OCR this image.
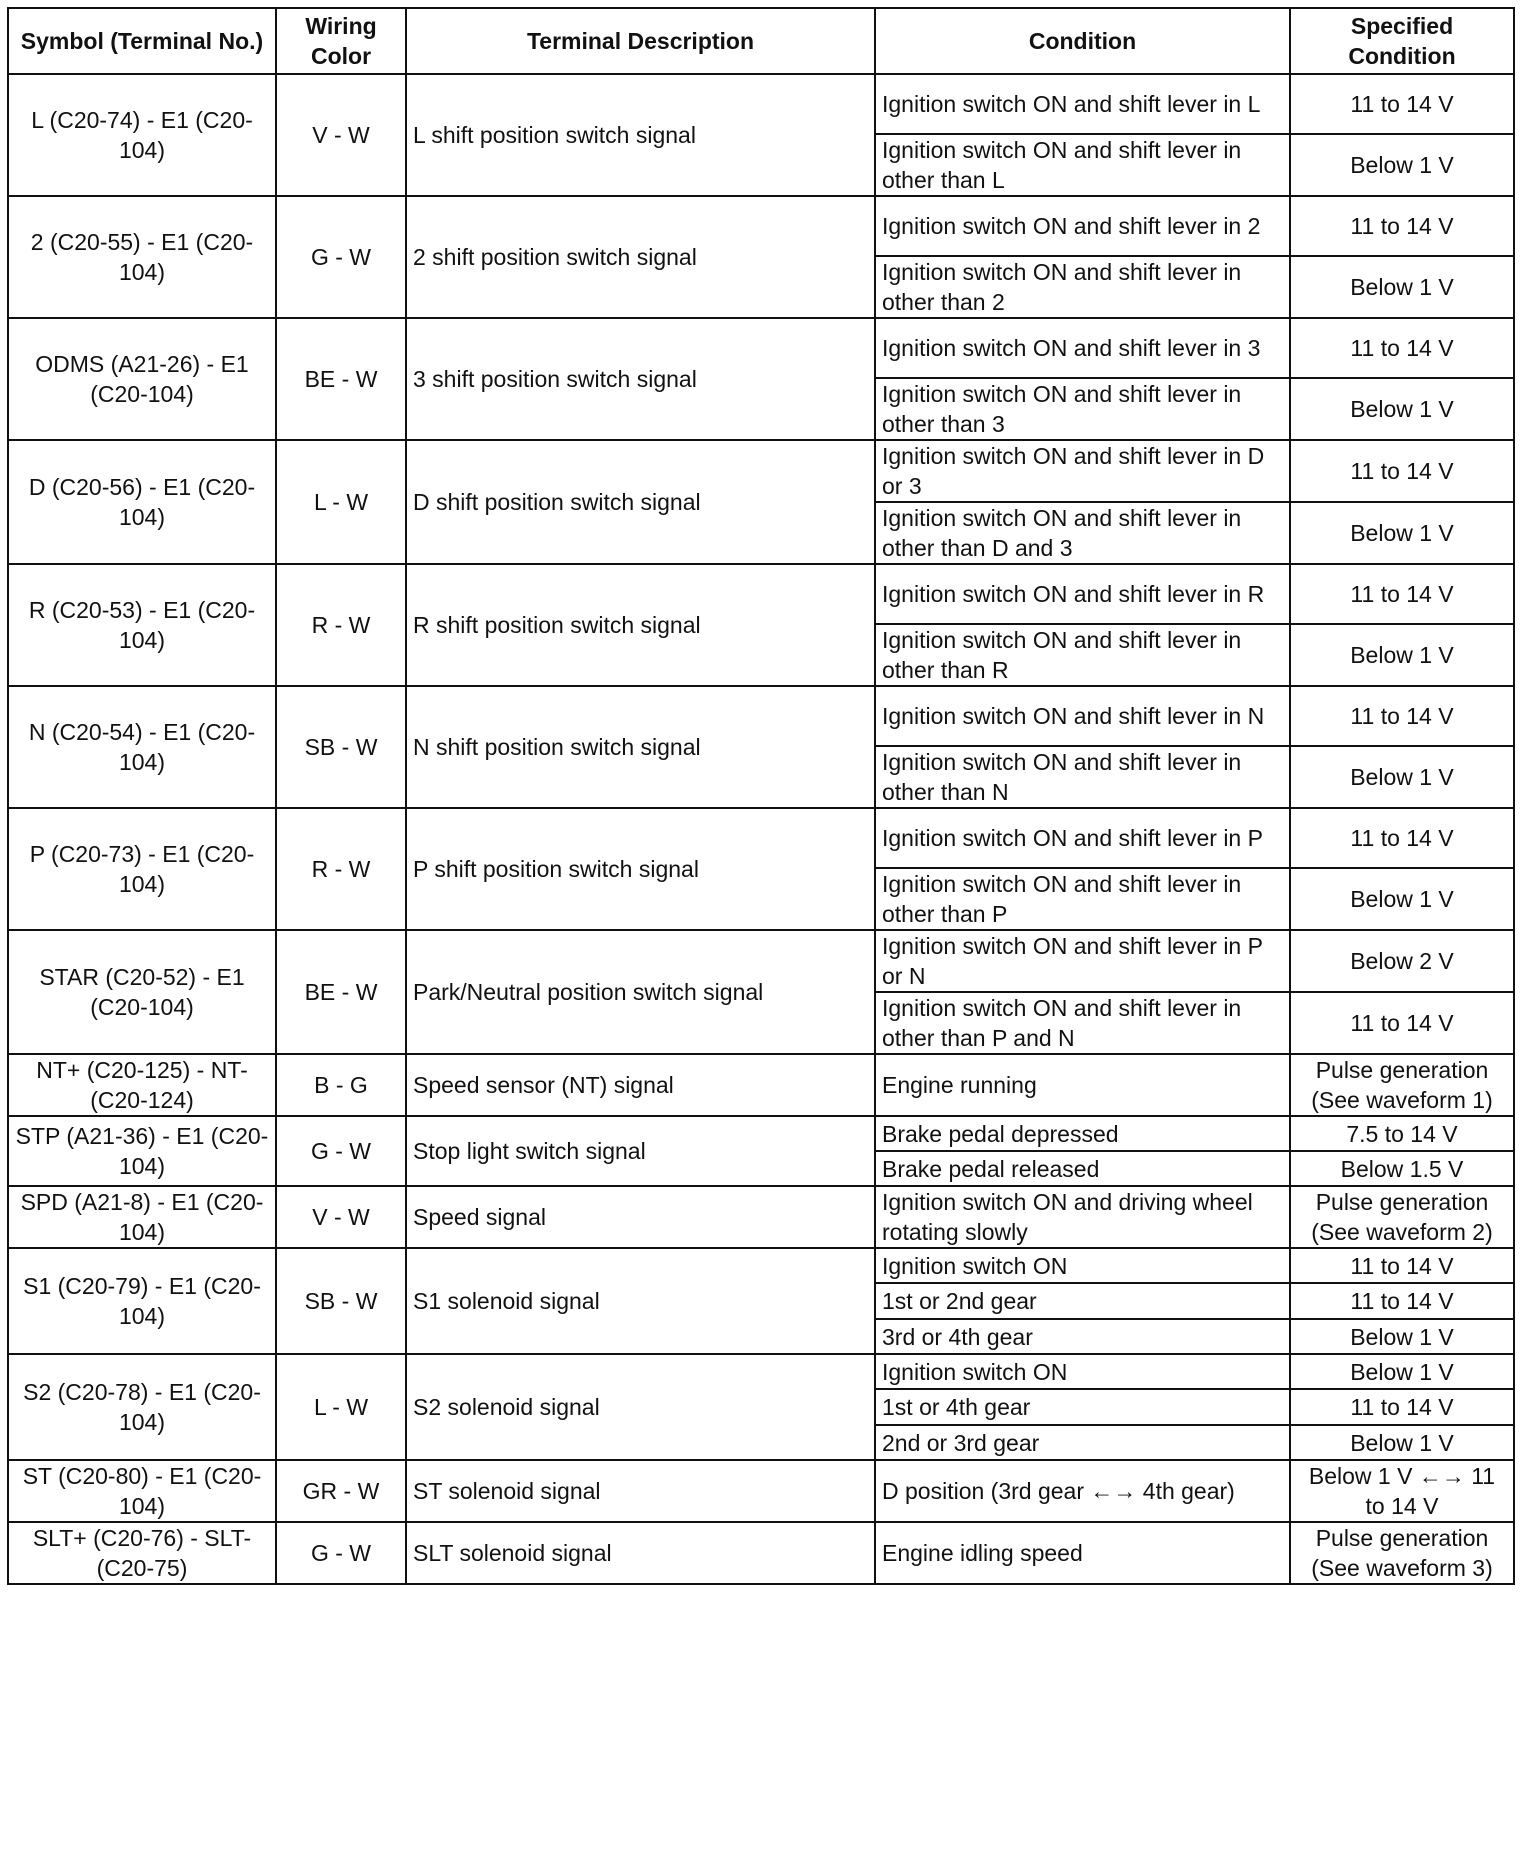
Symbol (Terminal No.)	Wiring Color	Terminal Description	Condition	Specified Condition
L (C20-74) - E1 (C20-104)	V - W	L shift position switch signal	Ignition switch ON and shift lever in L	11 to 14 V
			Ignition switch ON and shift lever in other than L	Below 1 V
2 (C20-55) - E1 (C20-104)	G - W	2 shift position switch signal	Ignition switch ON and shift lever in 2	11 to 14 V
			Ignition switch ON and shift lever in other than 2	Below 1 V
ODMS (A21-26) - E1 (C20-104)	BE - W	3 shift position switch signal	Ignition switch ON and shift lever in 3	11 to 14 V
			Ignition switch ON and shift lever in other than 3	Below 1 V
D (C20-56) - E1 (C20-104)	L - W	D shift position switch signal	Ignition switch ON and shift lever in D or 3	11 to 14 V
			Ignition switch ON and shift lever in other than D and 3	Below 1 V
R (C20-53) - E1 (C20-104)	R - W	R shift position switch signal	Ignition switch ON and shift lever in R	11 to 14 V
			Ignition switch ON and shift lever in other than R	Below 1 V
N (C20-54) - E1 (C20-104)	SB - W	N shift position switch signal	Ignition switch ON and shift lever in N	11 to 14 V
			Ignition switch ON and shift lever in other than N	Below 1 V
P (C20-73) - E1 (C20-104)	R - W	P shift position switch signal	Ignition switch ON and shift lever in P	11 to 14 V
			Ignition switch ON and shift lever in other than P	Below 1 V
STAR (C20-52) - E1 (C20-104)	BE - W	Park/Neutral position switch signal	Ignition switch ON and shift lever in P or N	Below 2 V
			Ignition switch ON and shift lever in other than P and N	11 to 14 V
NT+ (C20-125) - NT- (C20-124)	B - G	Speed sensor (NT) signal	Engine running	Pulse generation (See waveform 1)
STP (A21-36) - E1 (C20-104)	G - W	Stop light switch signal	Brake pedal depressed	7.5 to 14 V
			Brake pedal released	Below 1.5 V
SPD (A21-8) - E1 (C20-104)	V - W	Speed signal	Ignition switch ON and driving wheel rotating slowly	Pulse generation (See waveform 2)
S1 (C20-79) - E1 (C20-104)	SB - W	S1 solenoid signal	Ignition switch ON	11 to 14 V
			1st or 2nd gear	11 to 14 V
			3rd or 4th gear	Below 1 V
S2 (C20-78) - E1 (C20-104)	L - W	S2 solenoid signal	Ignition switch ON	Below 1 V
			1st or 4th gear	11 to 14 V
			2nd or 3rd gear	Below 1 V
ST (C20-80) - E1 (C20-104)	GR - W	ST solenoid signal	D position (3rd gear ←→ 4th gear)	Below 1 V ←→ 11 to 14 V
SLT+ (C20-76) - SLT- (C20-75)	G - W	SLT solenoid signal	Engine idling speed	Pulse generation (See waveform 3)
